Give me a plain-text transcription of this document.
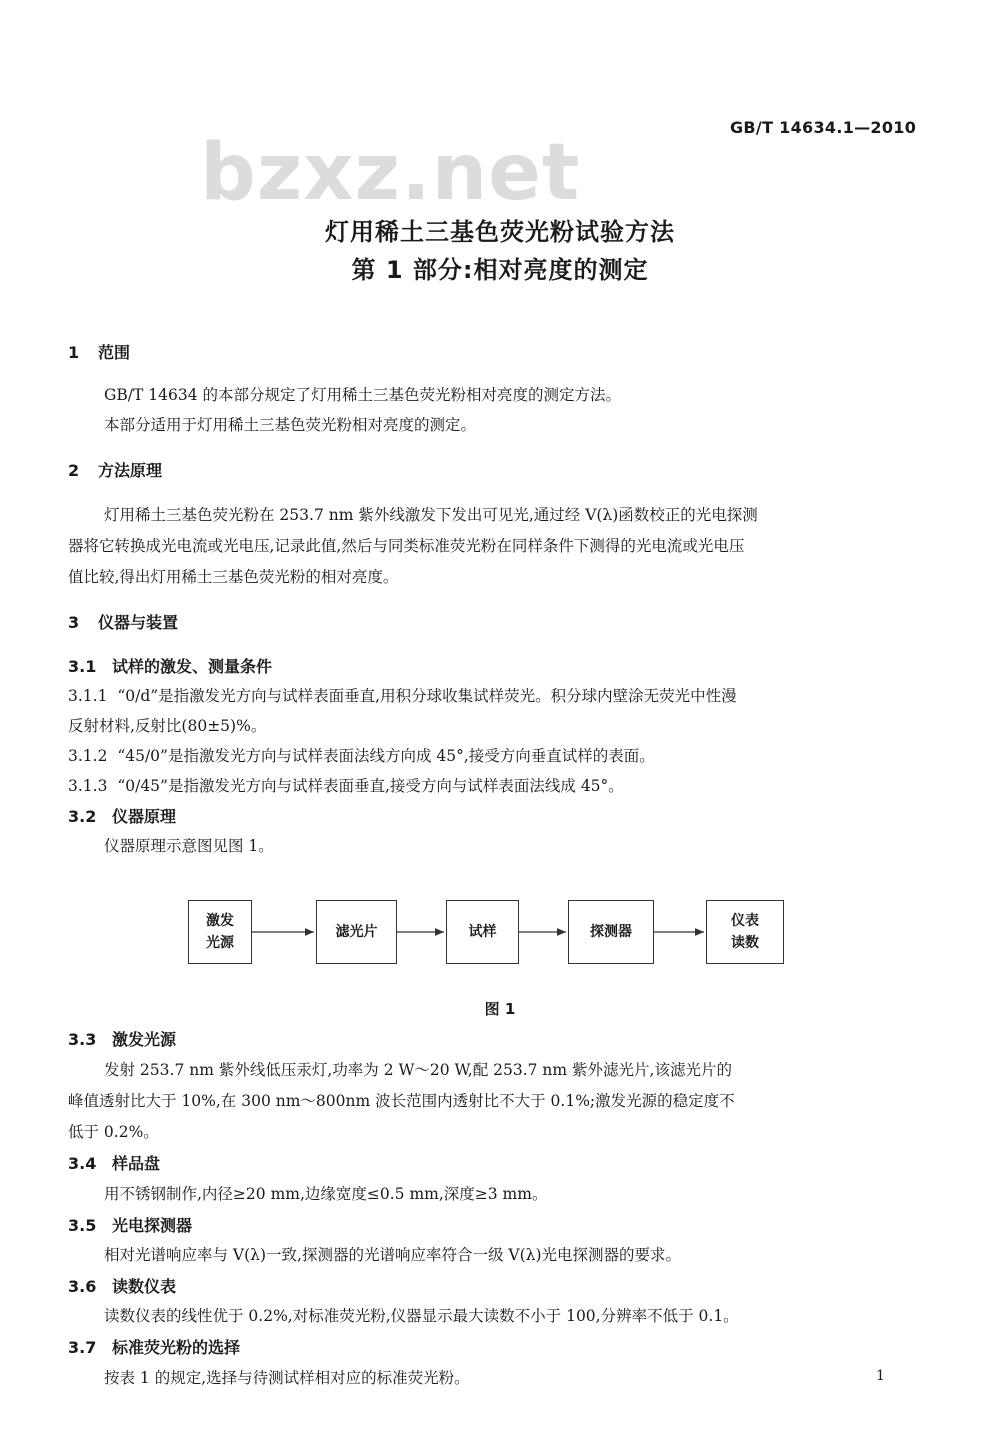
bzxz.net
GB/T 14634.1—2010
灯用稀土三基色荧光粉试验方法
第 1 部分:相对亮度的测定
1 范围
GB/T 14634 的本部分规定了灯用稀土三基色荧光粉相对亮度的测定方法。
本部分适用于灯用稀土三基色荧光粉相对亮度的测定。
2 方法原理
灯用稀土三基色荧光粉在 253.7 nm 紫外线激发下发出可见光,通过经 V(λ)函数校正的光电探测
器将它转换成光电流或光电压,记录此值,然后与同类标准荧光粉在同样条件下测得的光电流或光电压
值比较,得出灯用稀土三基色荧光粉的相对亮度。
3 仪器与装置
3.1 试样的激发、测量条件
3.1.1 “0/d”是指激发光方向与试样表面垂直,用积分球收集试样荧光。积分球内壁涂无荧光中性漫
反射材料,反射比(80±5)%。
3.1.2 “45/0”是指激发光方向与试样表面法线方向成 45°,接受方向垂直试样的表面。
3.1.3 “0/45”是指激发光方向与试样表面垂直,接受方向与试样表面法线成 45°。
3.2 仪器原理
仪器原理示意图见图 1。
激发
光源
滤光片	试样	探测器
仪表
读数
图 1
3.3 激发光源
发射 253.7 nm 紫外线低压汞灯,功率为 2 W～20 W,配 253.7 nm 紫外滤光片,该滤光片的
峰值透射比大于 10%,在 300 nm～800nm 波长范围内透射比不大于 0.1%;激发光源的稳定度不
低于 0.2%。
3.4 样品盘
用不锈钢制作,内径≥20 mm,边缘宽度≤0.5 mm,深度≥3 mm。
3.5 光电探测器
相对光谱响应率与 V(λ)一致,探测器的光谱响应率符合一级 V(λ)光电探测器的要求。
3.6 读数仪表
读数仪表的线性优于 0.2%,对标准荧光粉,仪器显示最大读数不小于 100,分辨率不低于 0.1。
3.7 标准荧光粉的选择
按表 1 的规定,选择与待测试样相对应的标准荧光粉。	1
